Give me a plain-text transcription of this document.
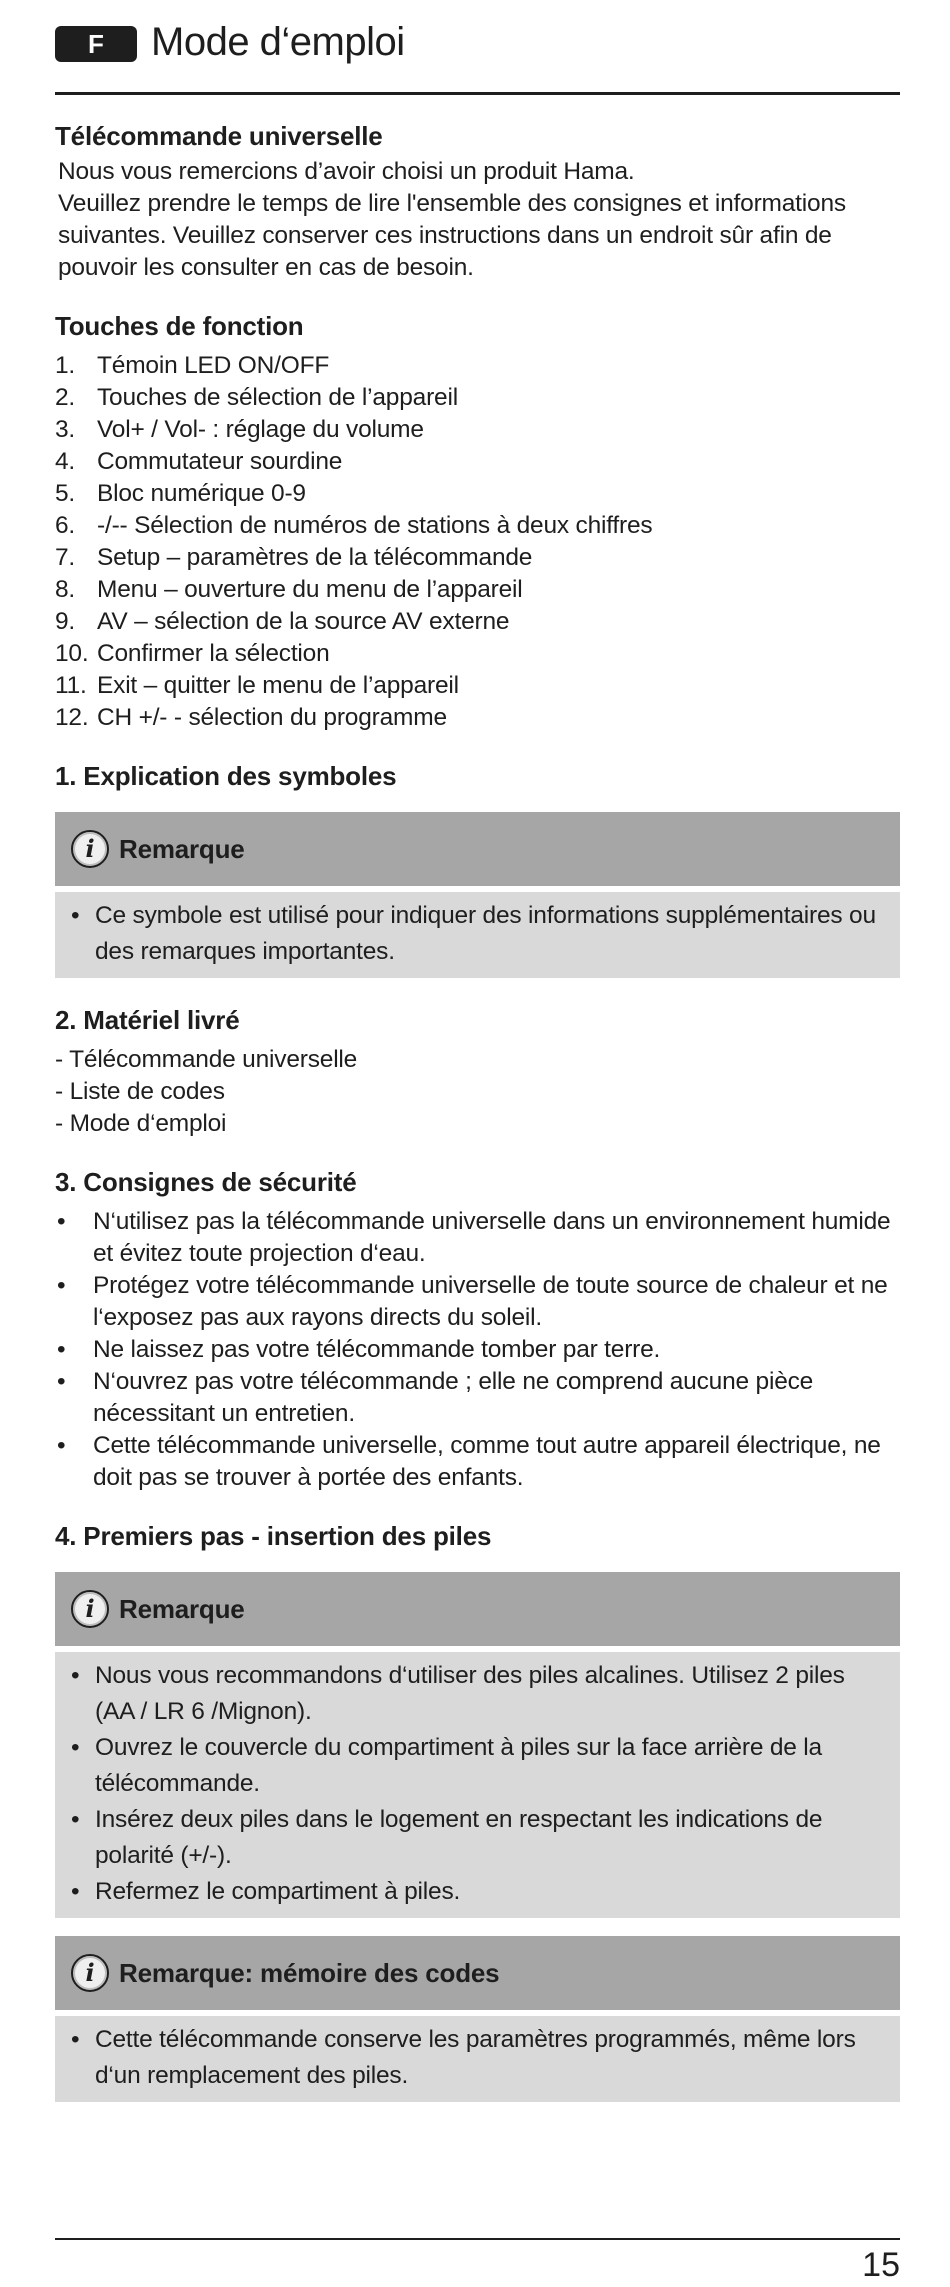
F	Mode d‘emploi
Télécommande universelle

Nous vous remercions d’avoir choisi un produit Hama.
Veuillez prendre le temps de lire l'ensemble des consignes et informations suivantes. Veuillez conserver ces instructions dans un endroit sûr afin de pouvoir les consulter en cas de besoin.

Touches de fonction
1. Témoin LED ON/OFF
2. Touches de sélection de l’appareil
3. Vol+ / Vol- : réglage du volume
4. Commutateur sourdine
5. Bloc numérique 0-9
6. -/-- Sélection de numéros de stations à deux chiffres
7. Setup – paramètres de la télécommande
8. Menu – ouverture du menu de l’appareil
9. AV – sélection de la source AV externe
10. Confirmer la sélection
11. Exit – quitter le menu de l’appareil
12. CH +/- - sélection du programme
1. Explication des symboles
i Remarque
• Ce symbole est utilisé pour indiquer des informations supplémentaires ou des remarques importantes.
2. Matériel livré
- Télécommande universelle
- Liste de codes
- Mode d‘emploi
3. Consignes de sécurité
• N‘utilisez pas la télécommande universelle dans un environnement humide et évitez toute projection d‘eau.
• Protégez votre télécommande universelle de toute source de chaleur et ne l‘exposez pas aux rayons directs du soleil.
• Ne laissez pas votre télécommande tomber par terre.
• N‘ouvrez pas votre télécommande ; elle ne comprend aucune pièce nécessitant un entretien.
• Cette télécommande universelle, comme tout autre appareil électrique, ne doit pas se trouver à portée des enfants.
4. Premiers pas - insertion des piles
i Remarque
• Nous vous recommandons d‘utiliser des piles alcalines. Utilisez 2 piles (AA / LR 6 /Mignon).
• Ouvrez le couvercle du compartiment à piles sur la face arrière de la télécommande.
• Insérez deux piles dans le logement en respectant les indications de polarité (+/-).
• Refermez le compartiment à piles.
i Remarque: mémoire des codes
• Cette télécommande conserve les paramètres programmés, même lors d‘un remplacement des piles.
15
